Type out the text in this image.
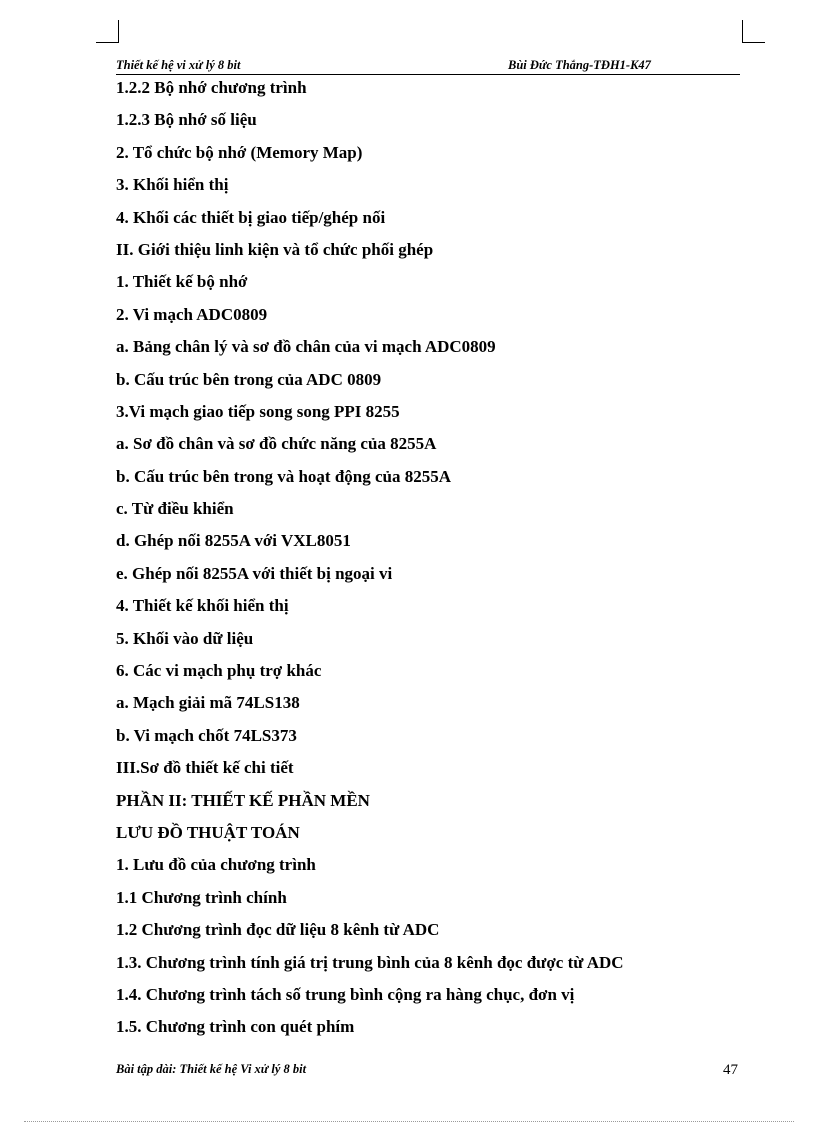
Thiết kế hệ vi xử lý 8 bit	Bùi Đức Thắng-TĐH1-K47
1.2.2 Bộ nhớ chương trình
1.2.3 Bộ nhớ số liệu
2. Tổ chức bộ nhớ (Memory Map)
3. Khối hiển thị
4. Khối các thiết bị giao tiếp/ghép nối
II. Giới thiệu linh kiện và tổ chức phối ghép
1. Thiết kế bộ nhớ
2. Vi mạch ADC0809
a. Bảng chân lý và sơ đồ chân của vi mạch ADC0809
b. Cấu trúc bên trong của ADC 0809
3.Vi mạch giao tiếp song song PPI 8255
a. Sơ đồ chân và sơ đồ chức năng của 8255A
b. Cấu trúc bên trong và hoạt động của 8255A
c. Từ điều khiển
d. Ghép nối 8255A với VXL8051
e. Ghép nối 8255A với thiết bị ngoại vi
4. Thiết kế khối hiển thị
5. Khối vào dữ liệu
6. Các vi mạch phụ trợ khác
a. Mạch giải mã 74LS138
b. Vi mạch chốt 74LS373
III.Sơ đồ thiết kế chi tiết
PHẦN II: THIẾT KẾ PHẦN MỀN
LƯU ĐỒ THUẬT TOÁN
1. Lưu đồ của chương trình
1.1 Chương trình chính
1.2 Chương trình đọc dữ liệu 8 kênh từ ADC
1.3. Chương trình tính giá trị trung bình của 8 kênh đọc được từ ADC
1.4. Chương trình tách số trung bình cộng ra hàng chục, đơn vị
1.5. Chương trình con quét phím
Bài tập dài: Thiết kế hệ Vi xử lý 8 bit	47
